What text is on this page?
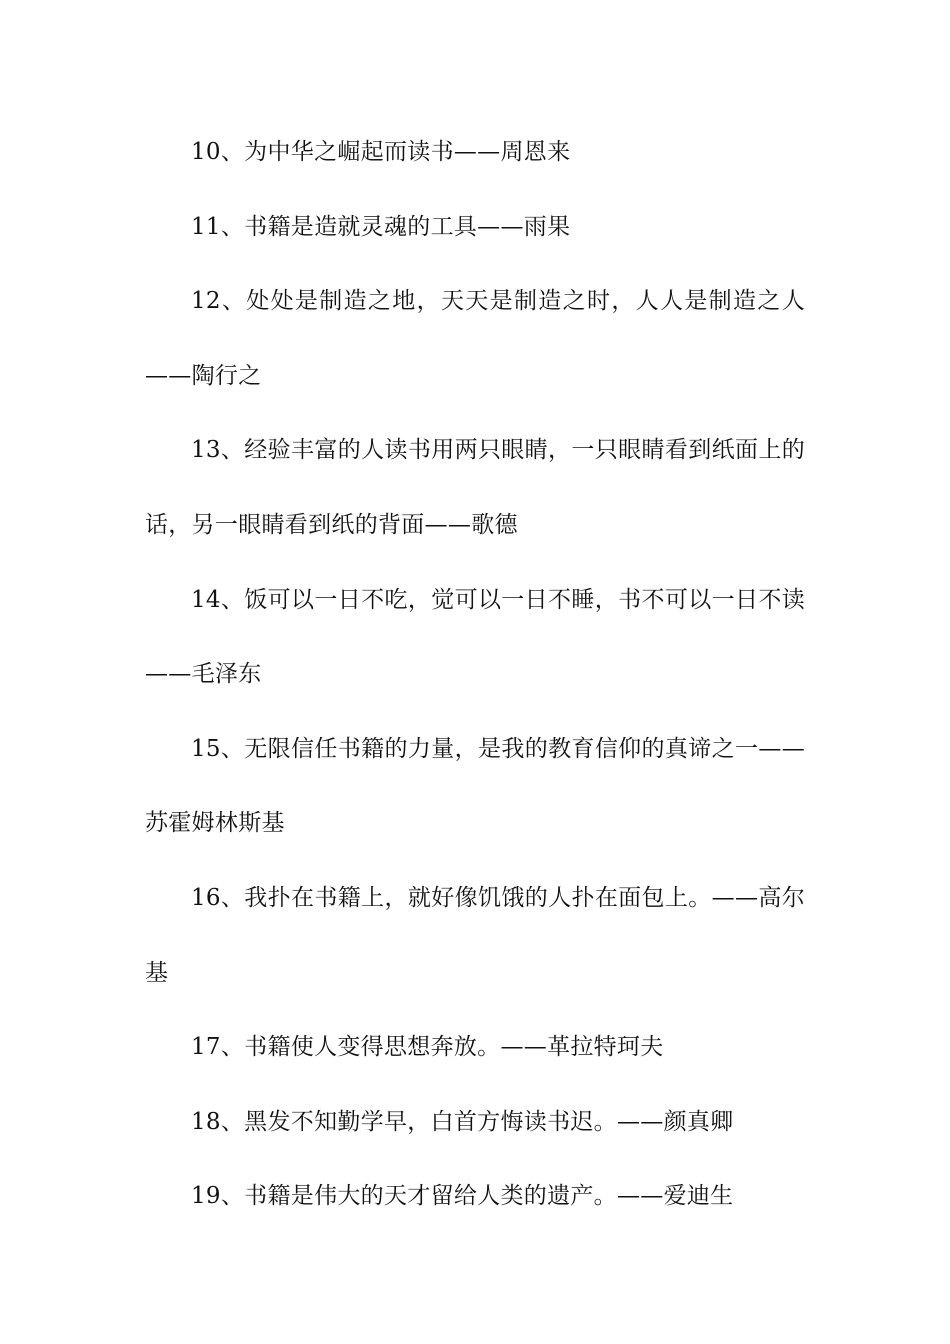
10、为中华之崛起而读书——周恩来

11、书籍是造就灵魂的工具——雨果

12、处处是制造之地，天天是制造之时，人人是制造之人——陶行之

13、经验丰富的人读书用两只眼睛，一只眼睛看到纸面上的话，另一眼睛看到纸的背面——歌德

14、饭可以一日不吃，觉可以一日不睡，书不可以一日不读——毛泽东

15、无限信任书籍的力量，是我的教育信仰的真谛之一——苏霍姆林斯基

16、我扑在书籍上，就好像饥饿的人扑在面包上。——高尔基

17、书籍使人变得思想奔放。——革拉特珂夫

18、黑发不知勤学早，白首方悔读书迟。——颜真卿

19、书籍是伟大的天才留给人类的遗产。——爱迪生
